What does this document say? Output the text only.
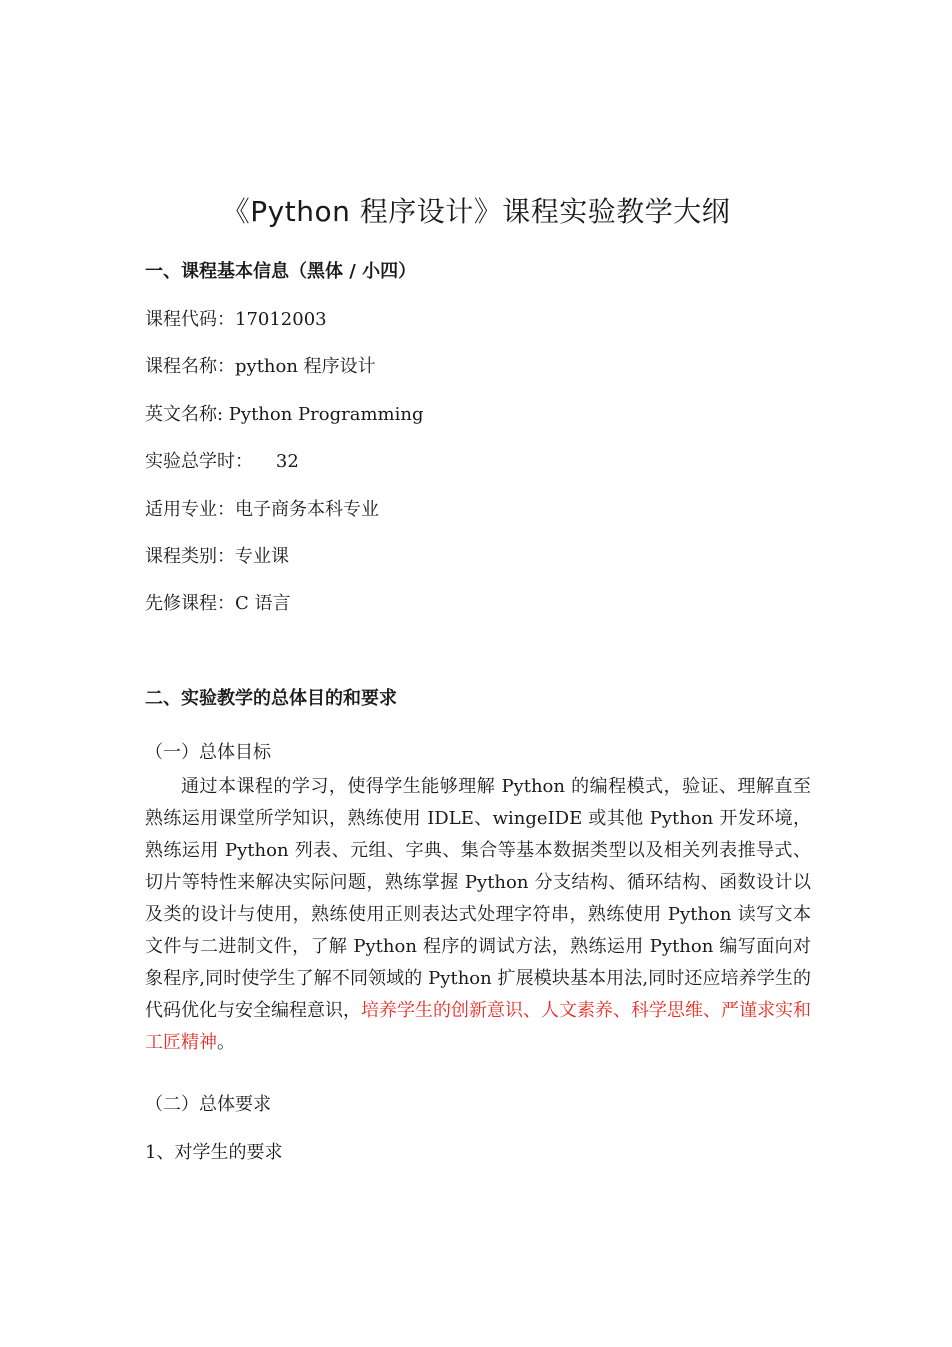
《Python 程序设计》课程实验教学大纲
一、课程基本信息（黑体 / 小四）
课程代码：17012003
课程名称：python 程序设计
英文名称: Python Programming
实验总学时：    32
适用专业：电子商务本科专业
课程类别：专业课
先修课程：C 语言
二、实验教学的总体目的和要求

（一）总体目标

通过本课程的学习，使得学生能够理解 Python 的编程模式，验证、理解直至熟练运用课堂所学知识，熟练使用 IDLE、wingeIDE 或其他 Python 开发环境，熟练运用 Python 列表、元组、字典、集合等基本数据类型以及相关列表推导式、切片等特性来解决实际问题，熟练掌握 Python 分支结构、循环结构、函数设计以及类的设计与使用，熟练使用正则表达式处理字符串，熟练使用 Python 读写文本文件与二进制文件，了解 Python 程序的调试方法，熟练运用 Python 编写面向对象程序,同时使学生了解不同领域的 Python 扩展模块基本用法,同时还应培养学生的代码优化与安全编程意识，培养学生的创新意识、人文素养、科学思维、严谨求实和工匠精神。

（二）总体要求

1、对学生的要求
